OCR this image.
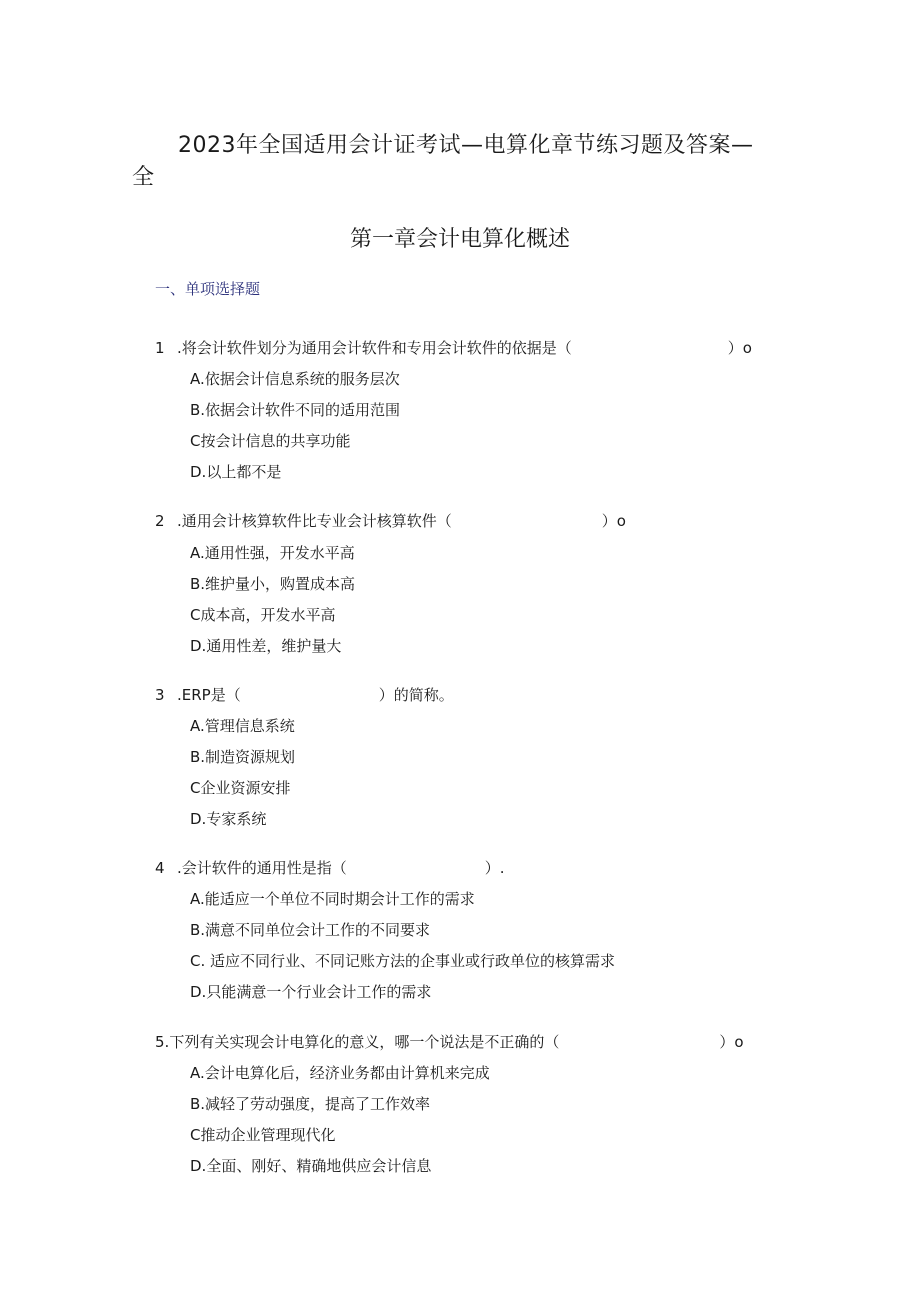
2023年全国适用会计证考试—电算化章节练习题及答案—
全
第一章会计电算化概述
一、单项选择题
1 .将会计软件划分为通用会计软件和专用会计软件的依据是（	）o
A.依据会计信息系统的服务层次
B.依据会计软件不同的适用范围
C按会计信息的共享功能
D.以上都不是
2 .通用会计核算软件比专业会计核算软件（	）o
A.通用性强，开发水平高
B.维护量小，购置成本高
C成本高，开发水平高
D.通用性差，维护量大
3 .ERP是（	）的简称。
A.管理信息系统
B.制造资源规划
C企业资源安排
D.专家系统
4 .会计软件的通用性是指（	）.
A.能适应一个单位不同时期会计工作的需求
B.满意不同单位会计工作的不同要求
C. 适应不同行业、不同记账方法的企事业或行政单位的核算需求
D.只能满意一个行业会计工作的需求
5.下列有关实现会计电算化的意义，哪一个说法是不正确的（	）o
A.会计电算化后，经济业务都由计算机来完成
B.减轻了劳动强度，提高了工作效率
C推动企业管理现代化
D.全面、刚好、精确地供应会计信息
